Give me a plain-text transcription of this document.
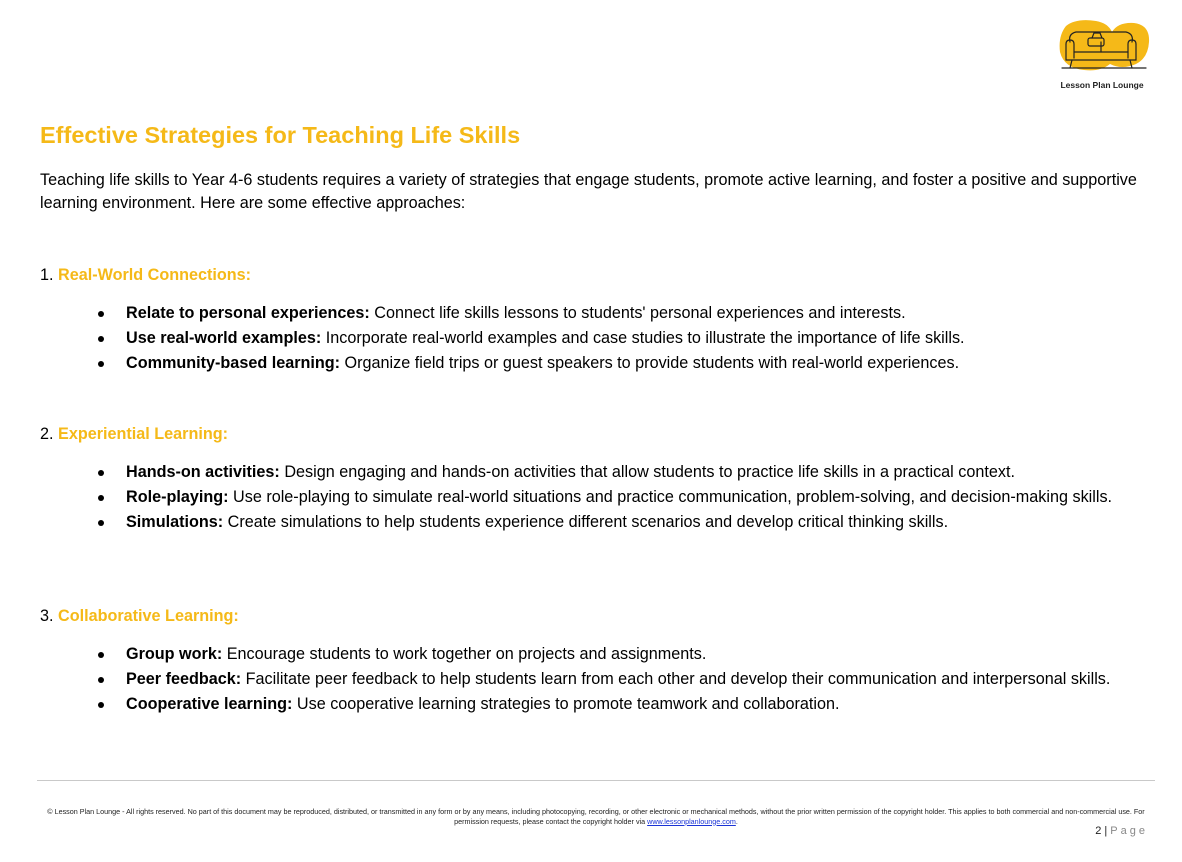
Lesson Plan Lounge
Effective Strategies for Teaching Life Skills

Teaching life skills to Year 4-6 students requires a variety of strategies that engage students, promote active learning, and foster a positive and supportive learning environment. Here are some effective approaches:

1. Real-World Connections:
Relate to personal experiences: Connect life skills lessons to students' personal experiences and interests.
Use real-world examples: Incorporate real-world examples and case studies to illustrate the importance of life skills.
Community-based learning: Organize field trips or guest speakers to provide students with real-world experiences.
2. Experiential Learning:
Hands-on activities: Design engaging and hands-on activities that allow students to practice life skills in a practical context.
Role-playing: Use role-playing to simulate real-world situations and practice communication, problem-solving, and decision-making skills.
Simulations: Create simulations to help students experience different scenarios and develop critical thinking skills.
3. Collaborative Learning:
Group work: Encourage students to work together on projects and assignments.
Peer feedback: Facilitate peer feedback to help students learn from each other and develop their communication and interpersonal skills.
Cooperative learning: Use cooperative learning strategies to promote teamwork and collaboration.
© Lesson Plan Lounge - All rights reserved. No part of this document may be reproduced, distributed, or transmitted in any form or by any means, including photocopying, recording, or other electronic or mechanical methods, without the prior written permission of the copyright holder. This applies to both commercial and non-commercial use. For permission requests, please contact the copyright holder via www.lessonplanlounge.com.
2 | Page
